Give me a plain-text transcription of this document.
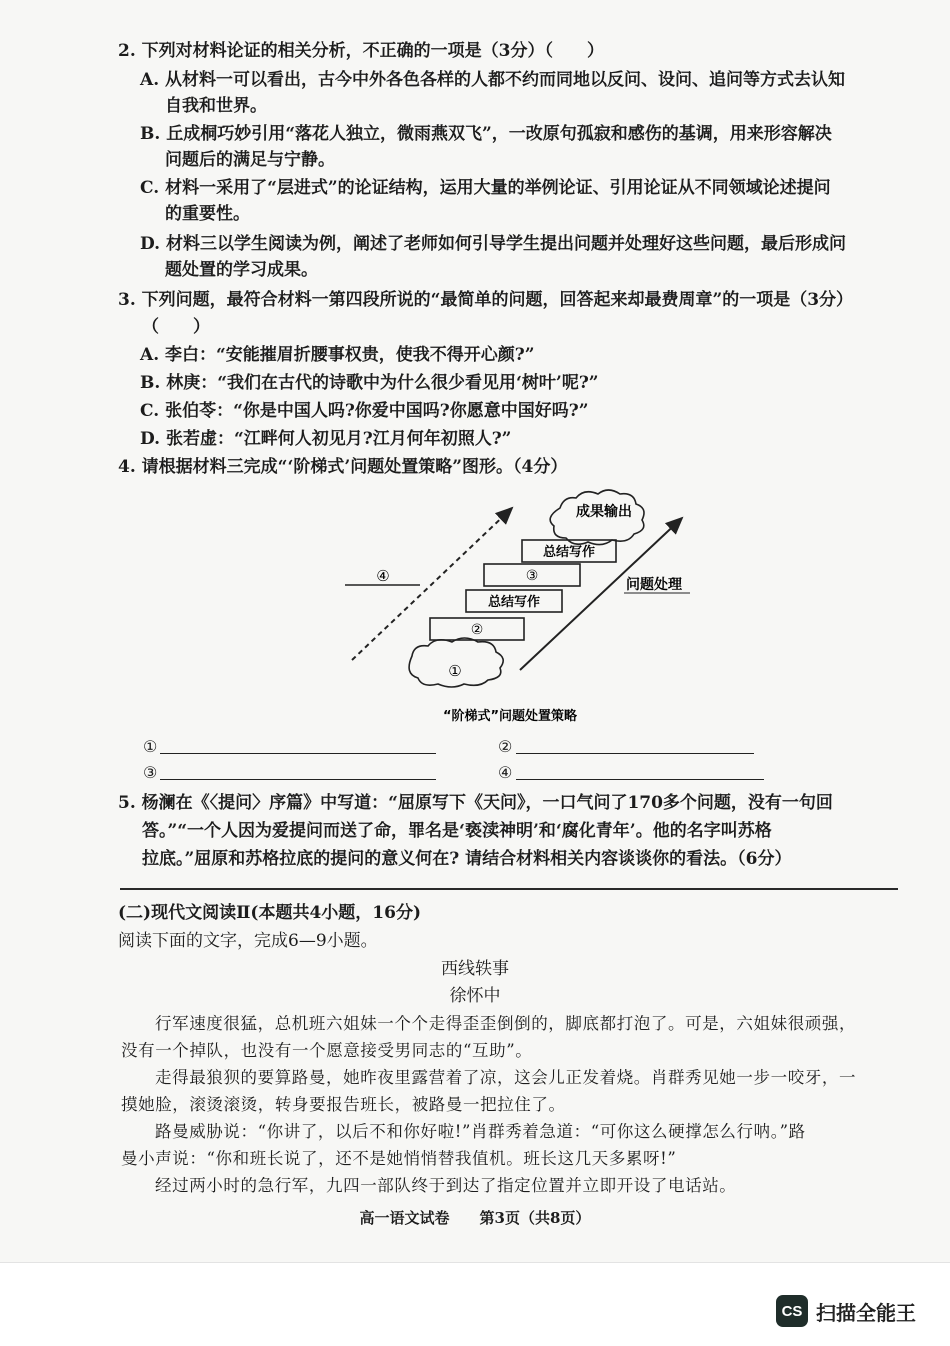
2. 下列对材料论证的相关分析，不正确的一项是（3分）（　　）
A. 从材料一可以看出，古今中外各色各样的人都不约而同地以反问、设问、追问等方式去认知
自我和世界。
B. 丘成桐巧妙引用“落花人独立，微雨燕双飞”，一改原句孤寂和感伤的基调，用来形容解决
问题后的满足与宁静。
C. 材料一采用了“层进式”的论证结构，运用大量的举例论证、引用论证从不同领域论述提问
的重要性。
D. 材料三以学生阅读为例，阐述了老师如何引导学生提出问题并处理好这些问题，最后形成问
题处置的学习成果。
3. 下列问题，最符合材料一第四段所说的“最简单的问题，回答起来却最费周章”的一项是（3分）
（　　）
A. 李白：“安能摧眉折腰事权贵，使我不得开心颜?”
B. 林庚：“我们在古代的诗歌中为什么很少看见用‘树叶’呢?”
C. 张伯苓：“你是中国人吗?你爱中国吗?你愿意中国好吗?”
D. 张若虚：“江畔何人初见月?江月何年初照人?”
4. 请根据材料三完成“‘阶梯式’问题处置策略”图形。（4分）
④	问题处理
成果输出
总结写作
③
总结写作
②
①
“阶梯式”问题处置策略
①	②
③	④
5. 杨澜在《〈提问〉序篇》中写道：“屈原写下《天问》，一口气问了170多个问题，没有一句回
答。”“一个人因为爱提问而送了命，罪名是‘亵渎神明’和‘腐化青年’。他的名字叫苏格
拉底。”屈原和苏格拉底的提问的意义何在? 请结合材料相关内容谈谈你的看法。（6分）
(二)现代文阅读Ⅱ(本题共4小题，16分)
阅读下面的文字，完成6—9小题。
西线轶事
徐怀中
行军速度很猛，总机班六姐妹一个个走得歪歪倒倒的，脚底都打泡了。可是，六姐妹很顽强，
没有一个掉队，也没有一个愿意接受男同志的“互助”。
走得最狼狈的要算路曼，她昨夜里露营着了凉，这会儿正发着烧。肖群秀见她一步一咬牙，一
摸她脸，滚烫滚烫，转身要报告班长，被路曼一把拉住了。
路曼威胁说：“你讲了，以后不和你好啦!”肖群秀着急道：“可你这么硬撑怎么行呐。”路
曼小声说：“你和班长说了，还不是她悄悄替我值机。班长这几天多累呀!”
经过两小时的急行军，九四一部队终于到达了指定位置并立即开设了电话站。
高一语文试卷　　第3页（共8页）
CS 扫描全能王
